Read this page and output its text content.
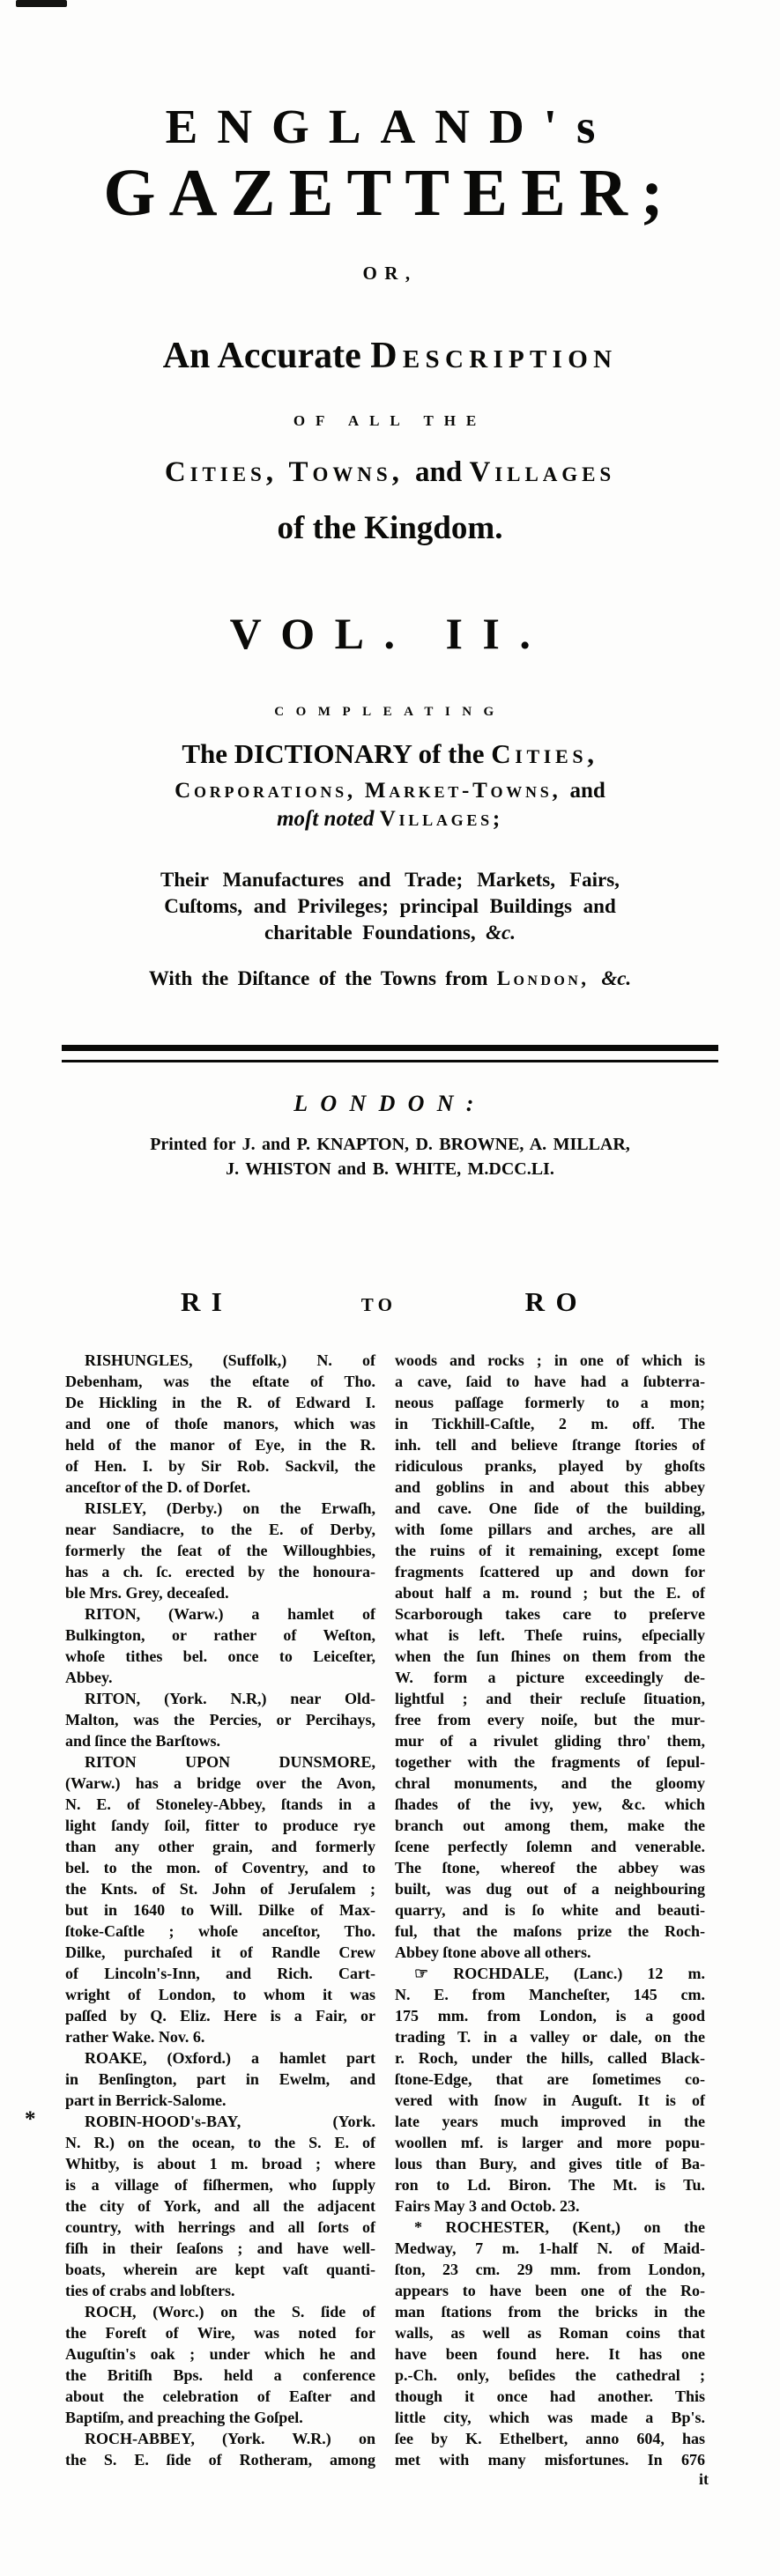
ENGLAND's
GAZETTEER;
OR,
An Accurate Description
OF ALL THE
Cities, Towns, and Villages
of the Kingdom.
VOL. II.
COMPLEATING
The DICTIONARY of the Cities,
Corporations, Market-Towns, and
moſt noted Villages;
Their Manufactures and Trade; Markets, Fairs,
Cuſtoms, and Privileges; principal Buildings and
charitable Foundations, &c.
With the Diſtance of the Towns from London, &c.
LONDON:
Printed for J. and P. KNAPTON, D. BROWNE, A. MILLAR,
J. WHISTON and B. WHITE, M.DCC.LI.
RI	TO	RO
*
RISHUNGLES, (Suffolk,) N. of
Debenham, was the eſtate of Tho.
De Hickling in the R. of Edward I.
and one of thoſe manors, which was
held of the manor of Eye, in the R.
of Hen. I. by Sir Rob. Sackvil, the
anceſtor of the D. of Dorſet.
RISLEY, (Derby.) on the Erwaſh,
near Sandiacre, to the E. of Derby,
formerly the ſeat of the Willoughbies,
has a ch. ſc. erected by the honoura-
ble Mrs. Grey, deceaſed.
RITON, (Warw.) a hamlet of
Bulkington, or rather of Weſton,
whoſe tithes bel. once to Leiceſter,
Abbey.
RITON, (York. N.R,) near Old-
Malton, was the Percies, or Percihays,
and ſince the Barſtows.
RITON UPON DUNSMORE,
(Warw.) has a bridge over the Avon,
N. E. of Stoneley-Abbey, ſtands in a
light ſandy ſoil, fitter to produce rye
than any other grain, and formerly
bel. to the mon. of Coventry, and to
the Knts. of St. John of Jeruſalem ;
but in 1640 to Will. Dilke of Max-
ſtoke-Caſtle ; whoſe anceſtor, Tho.
Dilke, purchaſed it of Randle Crew
of Lincoln's-Inn, and Rich. Cart-
wright of London, to whom it was
paſſed by Q. Eliz. Here is a Fair, or
rather Wake. Nov. 6.
ROAKE, (Oxford.) a hamlet part
in Benſington, part in Ewelm, and
part in Berrick-Salome.
ROBIN-HOOD's-BAY, (York.
N. R.) on the ocean, to the S. E. of
Whitby, is about 1 m. broad ; where
is a village of fiſhermen, who ſupply
the city of York, and all the adjacent
country, with herrings and all ſorts of
fiſh in their ſeaſons ; and have well-
boats, wherein are kept vaſt quanti-
ties of crabs and lobſters.
ROCH, (Worc.) on the S. ſide of
the Foreſt of Wire, was noted for
Auguſtin's oak ; under which he and
the Britiſh Bps. held a conference
about the celebration of Eaſter and
Baptiſm, and preaching the Goſpel.
ROCH-ABBEY, (York. W.R.) on
the S. E. ſide of Rotheram, among
woods and rocks ; in one of which is
a cave, ſaid to have had a ſubterra-
neous paſſage formerly to a mon;
in Tickhill-Caſtle, 2 m. off. The
inh. tell and believe ſtrange ſtories of
ridiculous pranks, played by ghoſts
and goblins in and about this abbey
and cave. One ſide of the building,
with ſome pillars and arches, are all
the ruins of it remaining, except ſome
fragments ſcattered up and down for
about half a m. round ; but the E. of
Scarborough takes care to preſerve
what is left. Theſe ruins, eſpecially
when the ſun ſhines on them from the
W. form a picture exceedingly de-
lightful ; and their recluſe ſituation,
free from every noiſe, but the mur-
mur of a rivulet gliding thro' them,
together with the fragments of ſepul-
chral monuments, and the gloomy
ſhades of the ivy, yew, &c. which
branch out among them, make the
ſcene perfectly ſolemn and venerable.
The ſtone, whereof the abbey was
built, was dug out of a neighbouring
quarry, and is ſo white and beauti-
ful, that the maſons prize the Roch-
Abbey ſtone above all others.
☞ ROCHDALE, (Lanc.) 12 m.
N. E. from Mancheſter, 145 cm.
175 mm. from London, is a good
trading T. in a valley or dale, on the
r. Roch, under the hills, called Black-
ſtone-Edge, that are ſometimes co-
vered with ſnow in Auguſt. It is of
late years much improved in the
woollen mf. is larger and more popu-
lous than Bury, and gives title of Ba-
ron to Ld. Biron. The Mt. is Tu.
Fairs May 3 and Octob. 23.
* ROCHESTER, (Kent,) on the
Medway, 7 m. 1-half N. of Maid-
ſton, 23 cm. 29 mm. from London,
appears to have been one of the Ro-
man ſtations from the bricks in the
walls, as well as Roman coins that
have been found here. It has one
p.-Ch. only, beſides the cathedral ;
though it once had another. This
little city, which was made a Bp's.
ſee by K. Ethelbert, anno 604, has
met with many misfortunes. In 676
it
